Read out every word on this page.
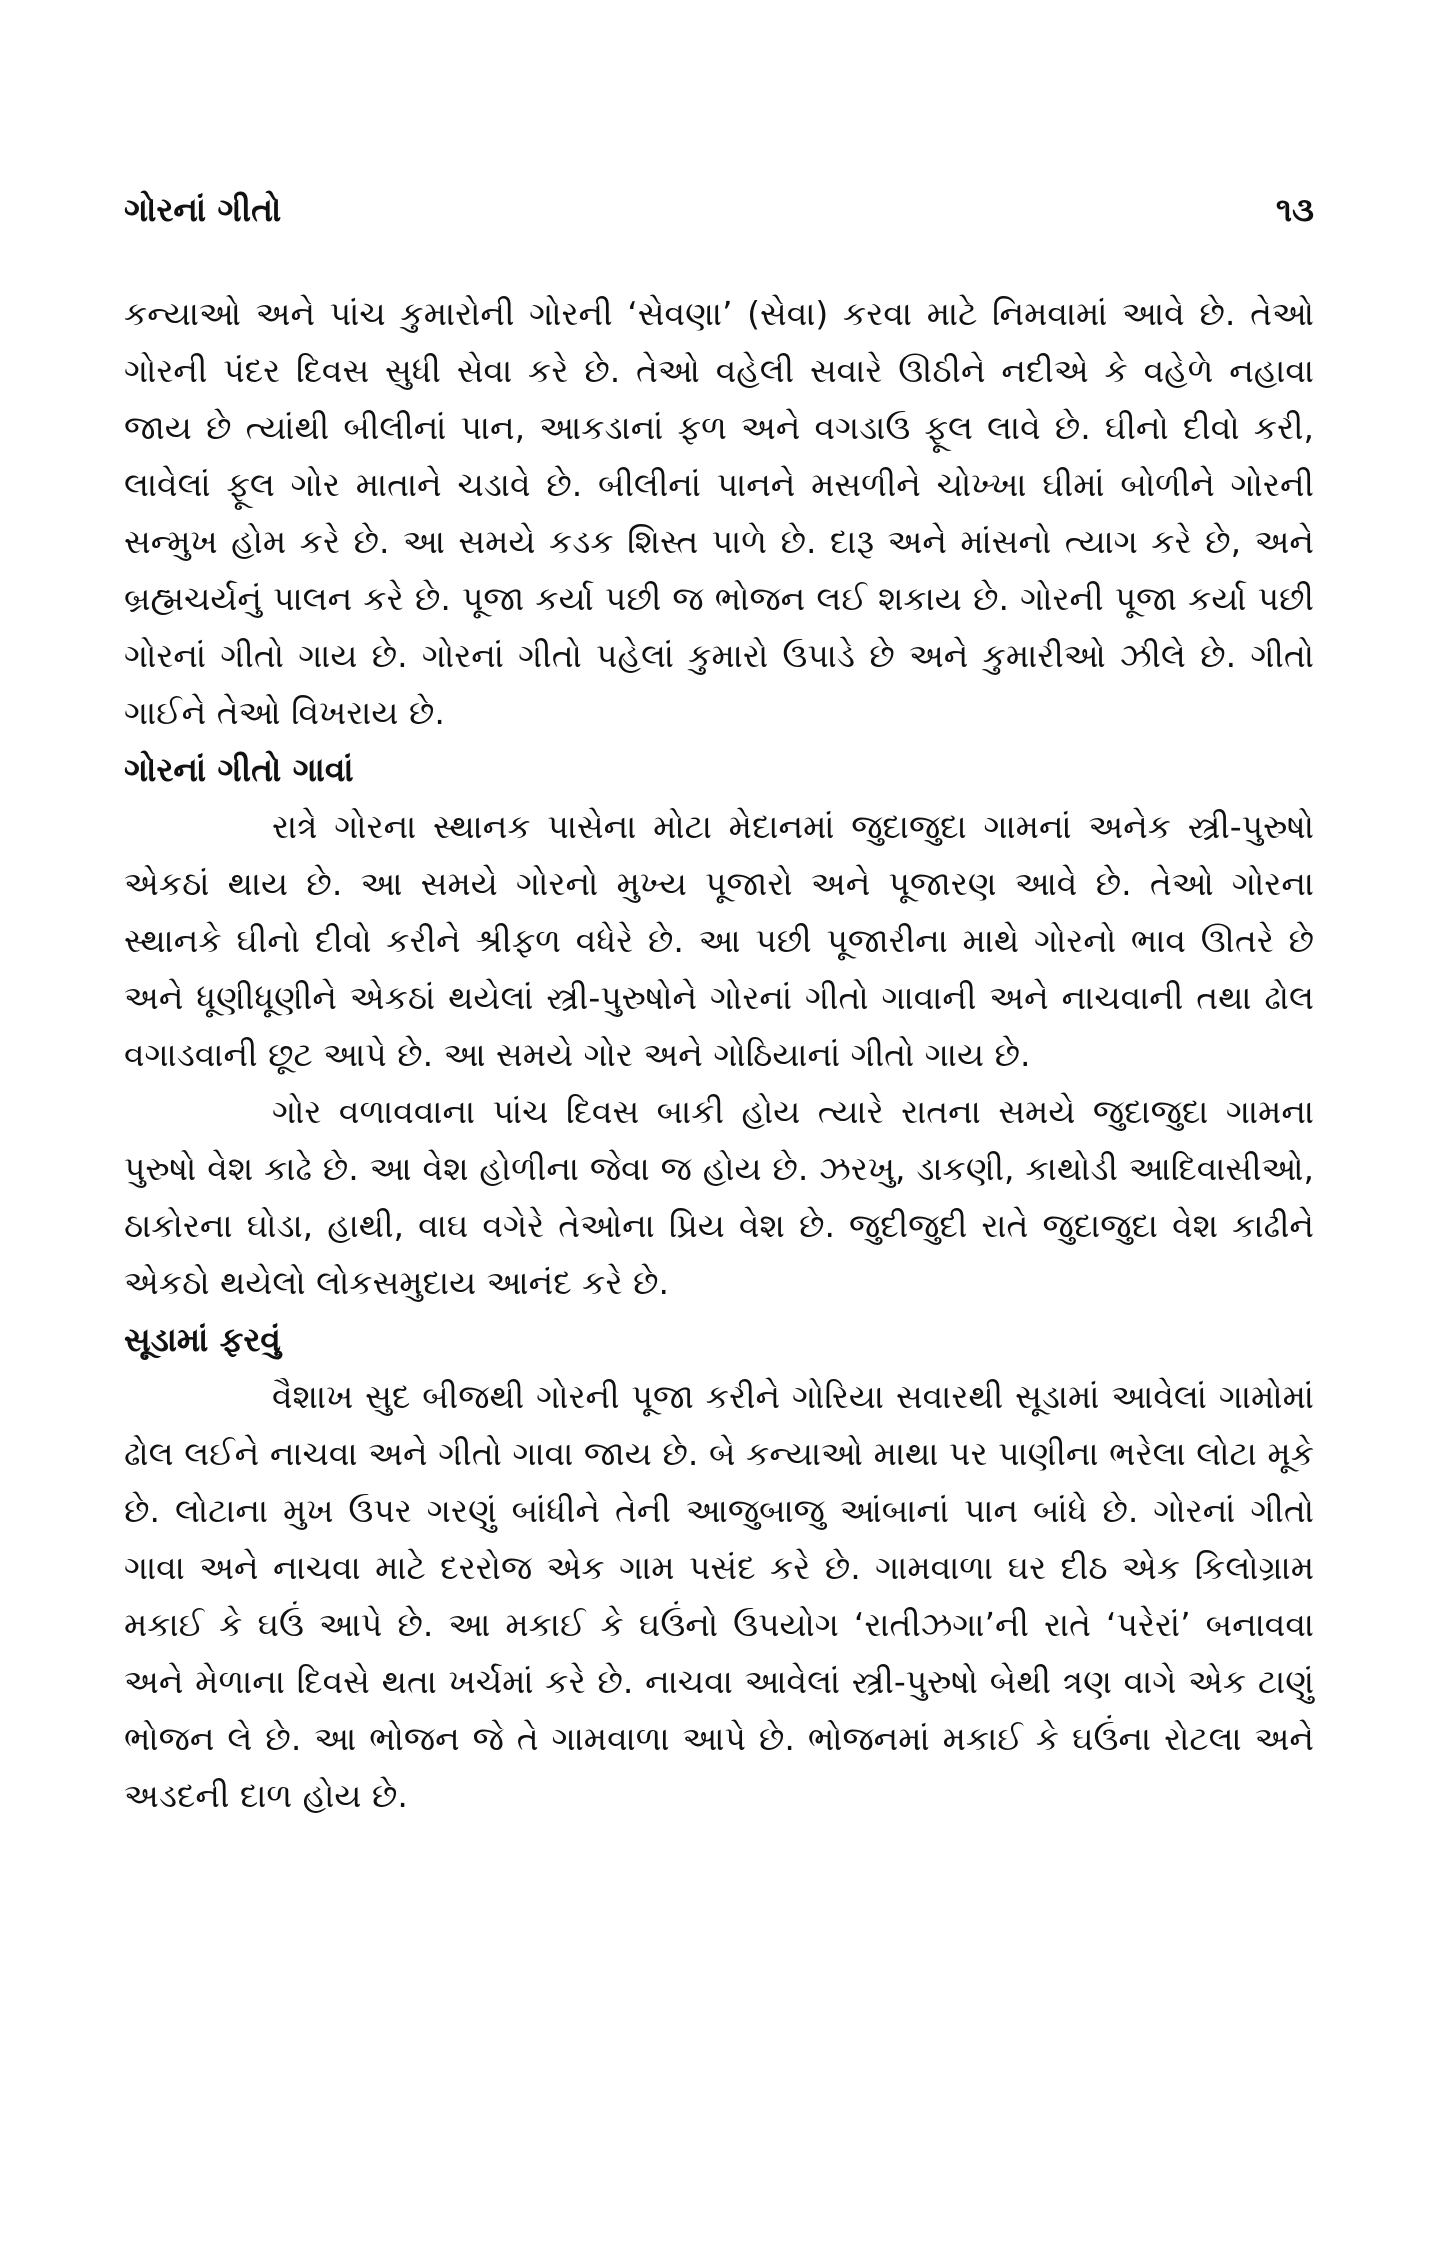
ગોરનાં ગીતો	૧૩

કન્યાઓ અને પાંચ કુમારોની ગોરની ‘સેવણા’ (સેવા) કરવા માટે નિમવામાં આવે છે. તેઓ ગોરની પંદર દિવસ સુધી સેવા કરે છે. તેઓ વહેલી સવારે ઊઠીને નદીએ કે વહેળે નહાવા જાય છે ત્યાંથી બીલીનાં પાન, આકડાનાં ફળ અને વગડાઉ ફૂલ લાવે છે. ઘીનો દીવો કરી, લાવેલાં ફૂલ ગોર માતાને ચડાવે છે. બીલીનાં પાનને મસળીને ચોખ્ખા ઘીમાં બોળીને ગોરની સન્મુખ હોમ કરે છે. આ સમયે કડક શિસ્ત પાળે છે. દારૂ અને માંસનો ત્યાગ કરે છે, અને બ્રહ્મચર્યનું પાલન કરે છે. પૂજા કર્યા પછી જ ભોજન લઈ શકાય છે. ગોરની પૂજા કર્યા પછી ગોરનાં ગીતો ગાય છે. ગોરનાં ગીતો પહેલાં કુમારો ઉપાડે છે અને કુમારીઓ ઝીલે છે. ગીતો ગાઈને તેઓ વિખરાય છે.

ગોરનાં ગીતો ગાવાં

રાત્રે ગોરના સ્થાનક પાસેના મોટા મેદાનમાં જુદાજુદા ગામનાં અનેક સ્ત્રી-પુરુષો એકઠાં થાય છે. આ સમયે ગોરનો મુખ્ય પૂજારો અને પૂજારણ આવે છે. તેઓ ગોરના સ્થાનકે ઘીનો દીવો કરીને શ્રીફળ વધેરે છે. આ પછી પૂજારીના માથે ગોરનો ભાવ ઊતરે છે અને ધૂણીધૂણીને એકઠાં થયેલાં સ્ત્રી-પુરુષોને ગોરનાં ગીતો ગાવાની અને નાચવાની તથા ઢોલ વગાડવાની છૂટ આપે છે. આ સમયે ગોર અને ગોઠિયાનાં ગીતો ગાય છે.

ગોર વળાવવાના પાંચ દિવસ બાકી હોય ત્યારે રાતના સમયે જુદાજુદા ગામના પુરુષો વેશ કાઢે છે. આ વેશ હોળીના જેવા જ હોય છે. ઝરખુ, ડાકણી, કાથોડી આદિવાસીઓ, ઠાકોરના ઘોડા, હાથી, વાઘ વગેરે તેઓના પ્રિય વેશ છે. જુદીજુદી રાતે જુદાજુદા વેશ કાઢીને એકઠો થયેલો લોકસમુદાય આનંદ કરે છે.

સૂડામાં ફરવું

વૈશાખ સુદ બીજથી ગોરની પૂજા કરીને ગોરિયા સવારથી સૂડામાં આવેલાં ગામોમાં ઢોલ લઈને નાચવા અને ગીતો ગાવા જાય છે. બે કન્યાઓ માથા પર પાણીના ભરેલા લોટા મૂકે છે. લોટાના મુખ ઉપર ગરણું બાંધીને તેની આજુબાજુ આંબાનાં પાન બાંધે છે. ગોરનાં ગીતો ગાવા અને નાચવા માટે દરરોજ એક ગામ પસંદ કરે છે. ગામવાળા ઘર દીઠ એક કિલોગ્રામ મકાઈ કે ઘઉં આપે છે. આ મકાઈ કે ઘઉંનો ઉપયોગ ‘રાતીઝગા’ની રાતે ‘પરેરાં’ બનાવવા અને મેળાના દિવસે થતા ખર્ચમાં કરે છે. નાચવા આવેલાં સ્ત્રી-પુરુષો બેથી ત્રણ વાગે એક ટાણું ભોજન લે છે. આ ભોજન જે તે ગામવાળા આપે છે. ભોજનમાં મકાઈ કે ઘઉંના રોટલા અને અડદની દાળ હોય છે.
